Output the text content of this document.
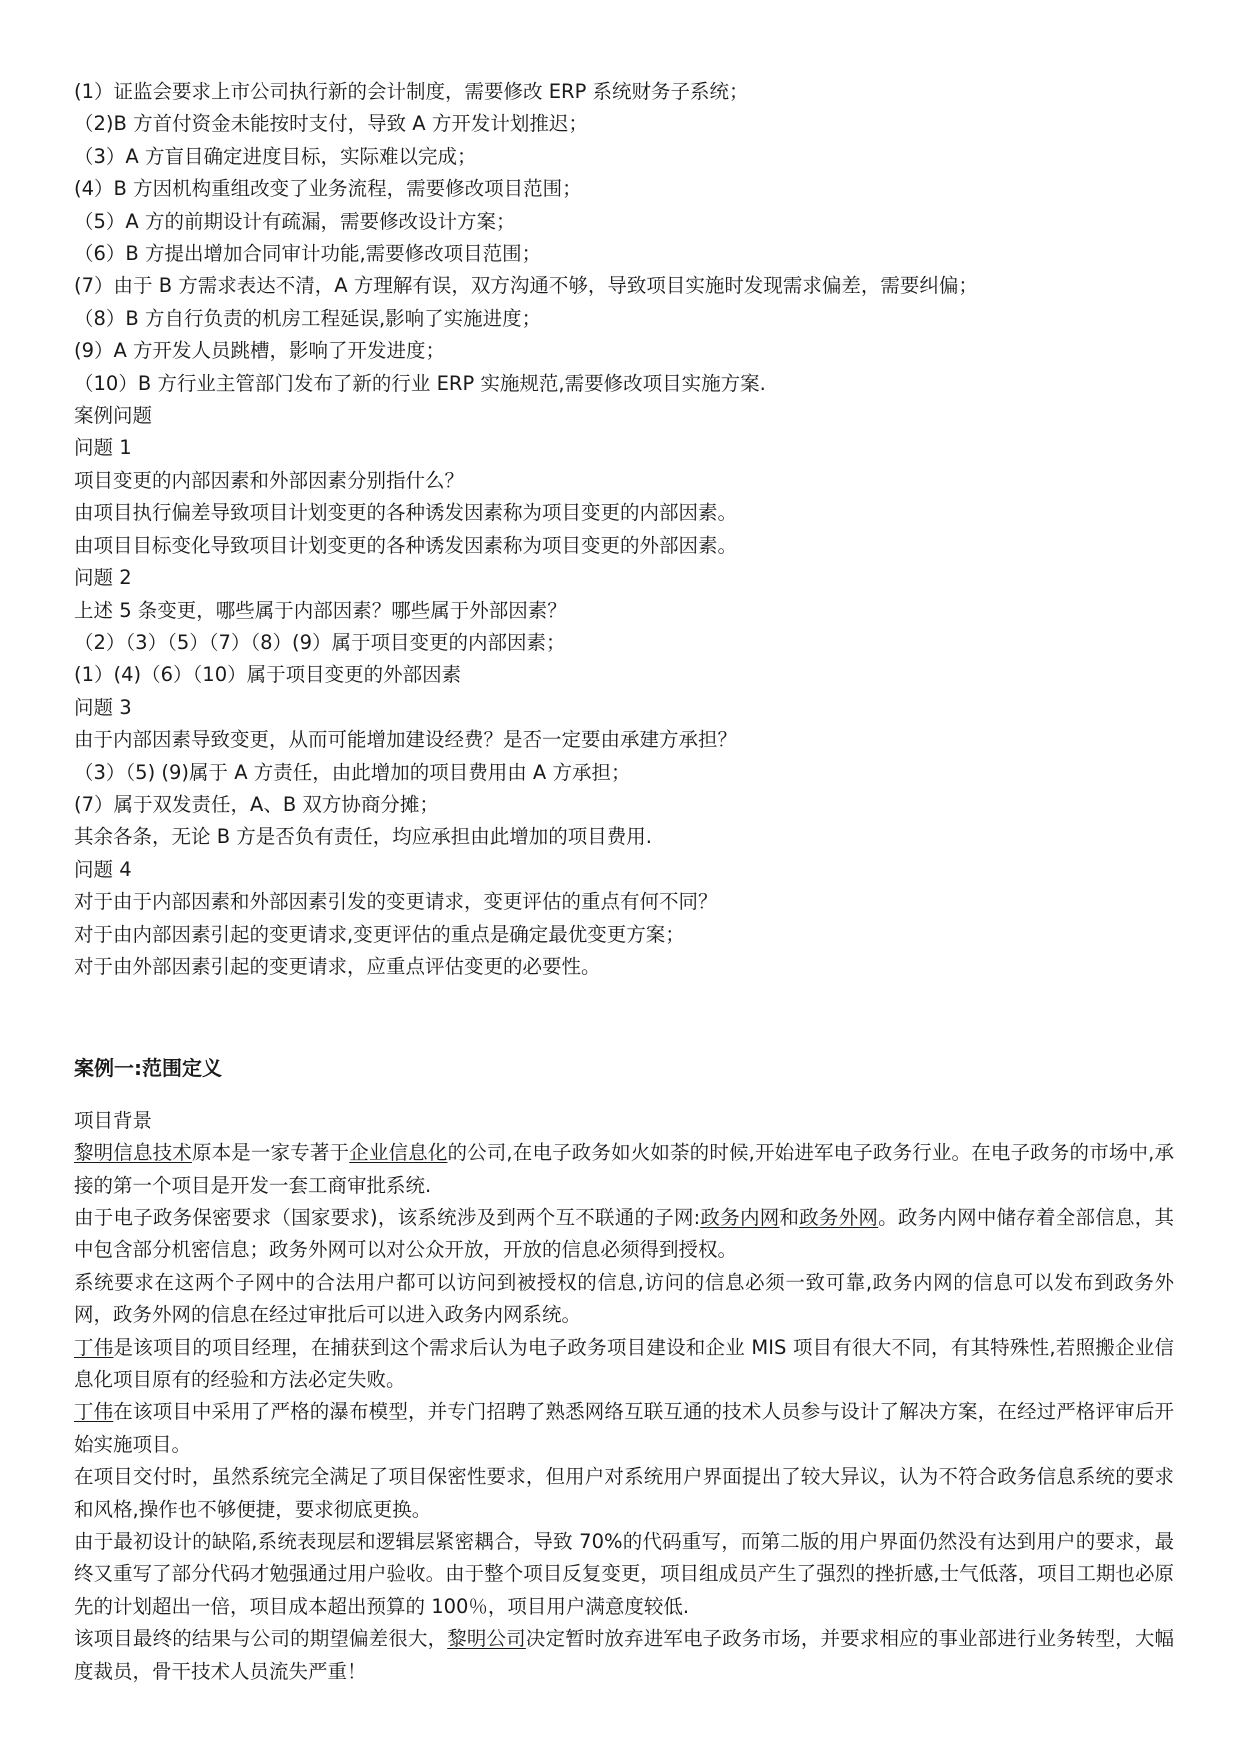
(1）证监会要求上市公司执行新的会计制度，需要修改 ERP 系统财务子系统；

（2)B 方首付资金未能按时支付，导致 A 方开发计划推迟；

（3）A 方盲目确定进度目标，实际难以完成；

(4）B 方因机构重组改变了业务流程，需要修改项目范围；

（5）A 方的前期设计有疏漏，需要修改设计方案；

（6）B 方提出增加合同审计功能,需要修改项目范围；

(7）由于 B 方需求表达不清，A 方理解有误，双方沟通不够，导致项目实施时发现需求偏差，需要纠偏；

（8）B 方自行负责的机房工程延误,影响了实施进度；

(9）A 方开发人员跳槽，影响了开发进度；

（10）B 方行业主管部门发布了新的行业 ERP 实施规范,需要修改项目实施方案.

案例问题

问题 1

项目变更的内部因素和外部因素分别指什么？

由项目执行偏差导致项目计划变更的各种诱发因素称为项目变更的内部因素。

由项目目标变化导致项目计划变更的各种诱发因素称为项目变更的外部因素。

问题 2

上述 5 条变更，哪些属于内部因素？哪些属于外部因素？

（2）（3）（5）（7）（8）(9）属于项目变更的内部因素；

(1）(4)（6）（10）属于项目变更的外部因素

问题 3

由于内部因素导致变更，从而可能增加建设经费？是否一定要由承建方承担？

（3）（5) (9)属于 A 方责任，由此增加的项目费用由 A 方承担；

(7）属于双发责任，A、B 双方协商分摊；

其余各条，无论 B 方是否负有责任，均应承担由此增加的项目费用.

问题 4

对于由于内部因素和外部因素引发的变更请求，变更评估的重点有何不同？

对于由内部因素引起的变更请求,变更评估的重点是确定最优变更方案；

对于由外部因素引起的变更请求，应重点评估变更的必要性。

案例一:范围定义

项目背景

黎明信息技术原本是一家专著于企业信息化的公司,在电子政务如火如荼的时候,开始进军电子政务行业。在电子政务的市场中,承接的第一个项目是开发一套工商审批系统.

由于电子政务保密要求（国家要求)，该系统涉及到两个互不联通的子网:政务内网和政务外网。政务内网中储存着全部信息，其中包含部分机密信息；政务外网可以对公众开放，开放的信息必须得到授权。

系统要求在这两个子网中的合法用户都可以访问到被授权的信息,访问的信息必须一致可靠,政务内网的信息可以发布到政务外网，政务外网的信息在经过审批后可以进入政务内网系统。

丁伟是该项目的项目经理，在捕获到这个需求后认为电子政务项目建设和企业 MIS 项目有很大不同，有其特殊性,若照搬企业信息化项目原有的经验和方法必定失败。

丁伟在该项目中采用了严格的瀑布模型，并专门招聘了熟悉网络互联互通的技术人员参与设计了解决方案，在经过严格评审后开始实施项目。

在项目交付时，虽然系统完全满足了项目保密性要求，但用户对系统用户界面提出了较大异议，认为不符合政务信息系统的要求和风格,操作也不够便捷，要求彻底更换。

由于最初设计的缺陷,系统表现层和逻辑层紧密耦合，导致 70%的代码重写，而第二版的用户界面仍然没有达到用户的要求，最终又重写了部分代码才勉强通过用户验收。由于整个项目反复变更，项目组成员产生了强烈的挫折感,士气低落，项目工期也必原先的计划超出一倍，项目成本超出预算的 100％，项目用户满意度较低.

该项目最终的结果与公司的期望偏差很大，黎明公司决定暂时放弃进军电子政务市场，并要求相应的事业部进行业务转型，大幅度裁员，骨干技术人员流失严重！
